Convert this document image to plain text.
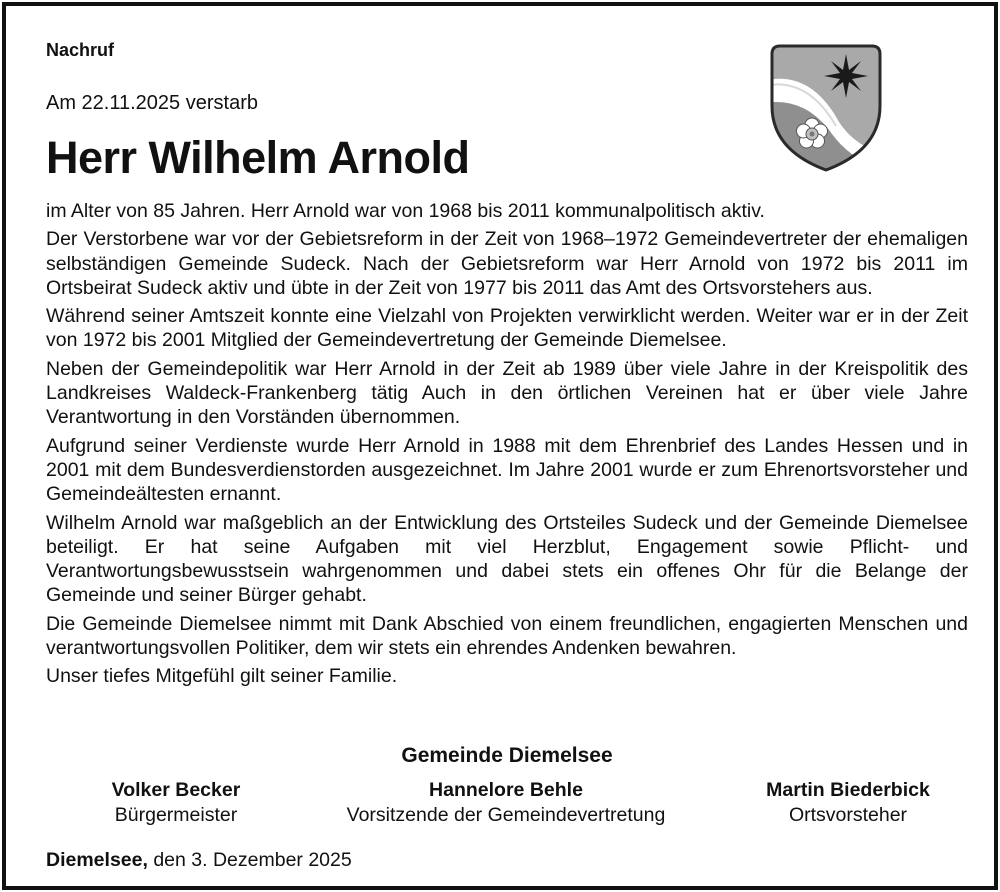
Nachruf
Am 22.11.2025 verstarb
Herr Wilhelm Arnold

im Alter von 85 Jahren. Herr Arnold war von 1968 bis 2011 kommunalpolitisch aktiv.

Der Verstorbene war vor der Gebietsreform in der Zeit von 1968–1972 Gemeindevertreter der ehemaligen selbständigen Gemeinde Sudeck. Nach der Gebietsreform war Herr Arnold von 1972 bis 2011 im Ortsbeirat Sudeck aktiv und übte in der Zeit von 1977 bis 2011 das Amt des Ortsvorstehers aus.

Während seiner Amtszeit konnte eine Vielzahl von Projekten verwirklicht werden. Weiter war er in der Zeit von 1972 bis 2001 Mitglied der Gemeindevertretung der Gemeinde Diemelsee.

Neben der Gemeindepolitik war Herr Arnold in der Zeit ab 1989 über viele Jahre in der Kreispolitik des Landkreises Waldeck-Frankenberg tätig Auch in den örtlichen Vereinen hat er über viele Jahre Verantwortung in den Vorständen übernommen.

Aufgrund seiner Verdienste wurde Herr Arnold in 1988 mit dem Ehrenbrief des Landes Hessen und in 2001 mit dem Bundesverdienstorden ausgezeichnet. Im Jahre 2001 wurde er zum Ehrenortsvorsteher und Gemeindeältesten ernannt.

Wilhelm Arnold war maßgeblich an der Entwicklung des Ortsteiles Sudeck und der Gemeinde Diemelsee beteiligt. Er hat seine Aufgaben mit viel Herzblut, Engagement sowie Pflicht- und Verantwortungsbewusstsein wahrgenommen und dabei stets ein offenes Ohr für die Belange der Gemeinde und seiner Bürger gehabt.

Die Gemeinde Diemelsee nimmt mit Dank Abschied von einem freundlichen, engagierten Menschen und verantwortungsvollen Politiker, dem wir stets ein ehrendes Andenken bewahren.

Unser tiefes Mitgefühl gilt seiner Familie.

Gemeinde Diemelsee
Volker Becker
Bürgermeister
Hannelore Behle
Vorsitzende der Gemeindevertretung
Martin Biederbick
Ortsvorsteher
Diemelsee, den 3. Dezember 2025
